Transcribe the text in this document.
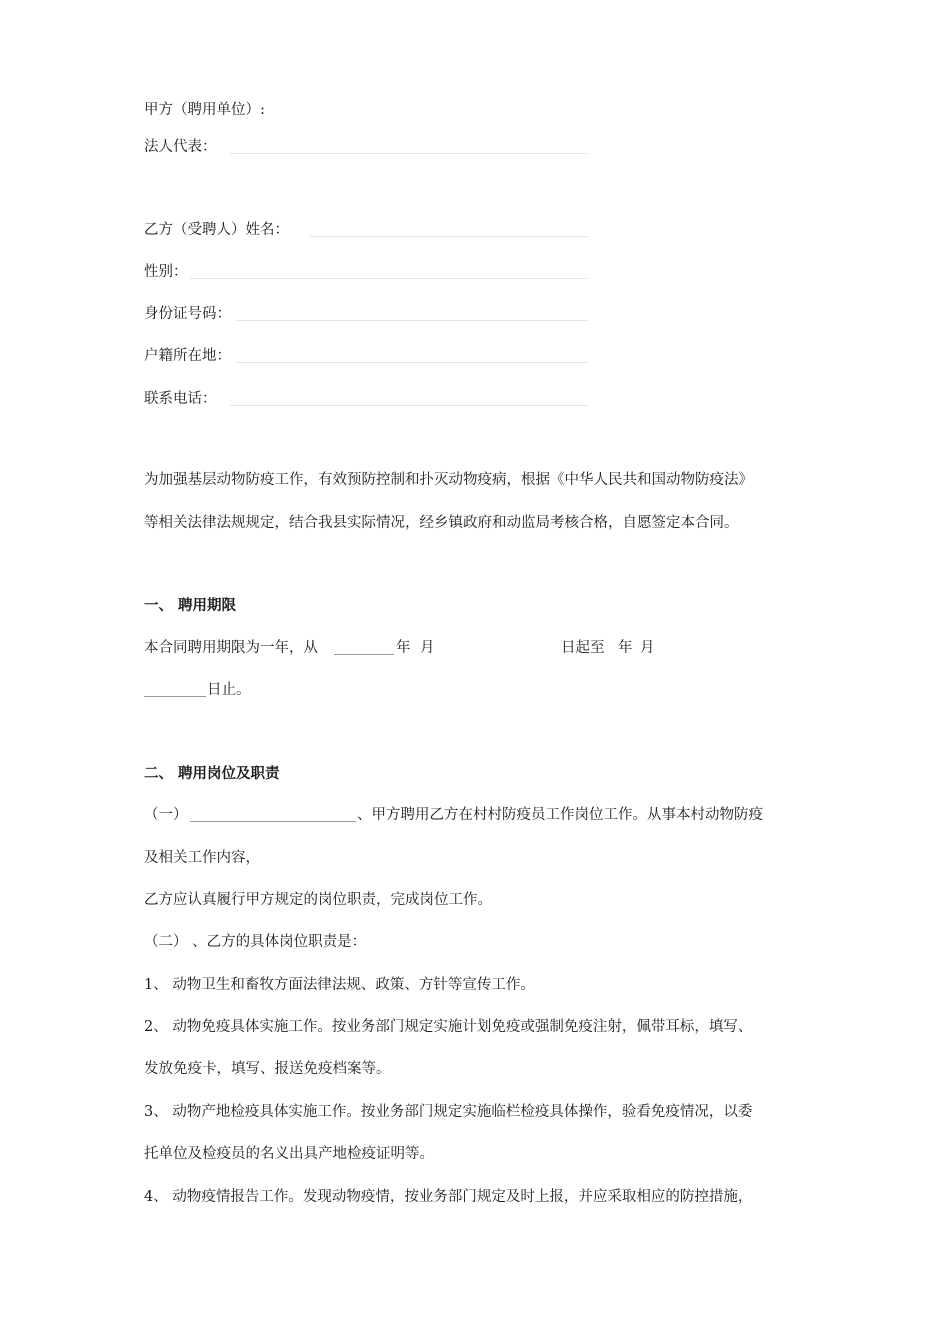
甲方（聘用单位）:
法人代表：
乙方（受聘人）姓名：
性别：
身份证号码：
户籍所在地：
联系电话：
为加强基层动物防疫工作，有效预防控制和扑灭动物疫病，根据《中华人民共和国动物防疫法》
等相关法律法规规定，结合我县实际情况，经乡镇政府和动监局考核合格，自愿签定本合同。
一、 聘用期限
本合同聘用期限为一年，从	年 月	日起至 年 月
日止。
二、 聘用岗位及职责
（一）	、甲方聘用乙方在村村防疫员工作岗位工作。从事本村动物防疫
及相关工作内容，
乙方应认真履行甲方规定的岗位职责，完成岗位工作。
（二） 、乙方的具体岗位职责是：
1、 动物卫生和畜牧方面法律法规、政策、方针等宣传工作。
2、 动物免疫具体实施工作。按业务部门规定实施计划免疫或强制免疫注射，佩带耳标，填写、
发放免疫卡，填写、报送免疫档案等。
3、 动物产地检疫具体实施工作。按业务部门规定实施临栏检疫具体操作，验看免疫情况，以委
托单位及检疫员的名义出具产地检疫证明等。
4、 动物疫情报告工作。发现动物疫情，按业务部门规定及时上报，并应采取相应的防控措施，
